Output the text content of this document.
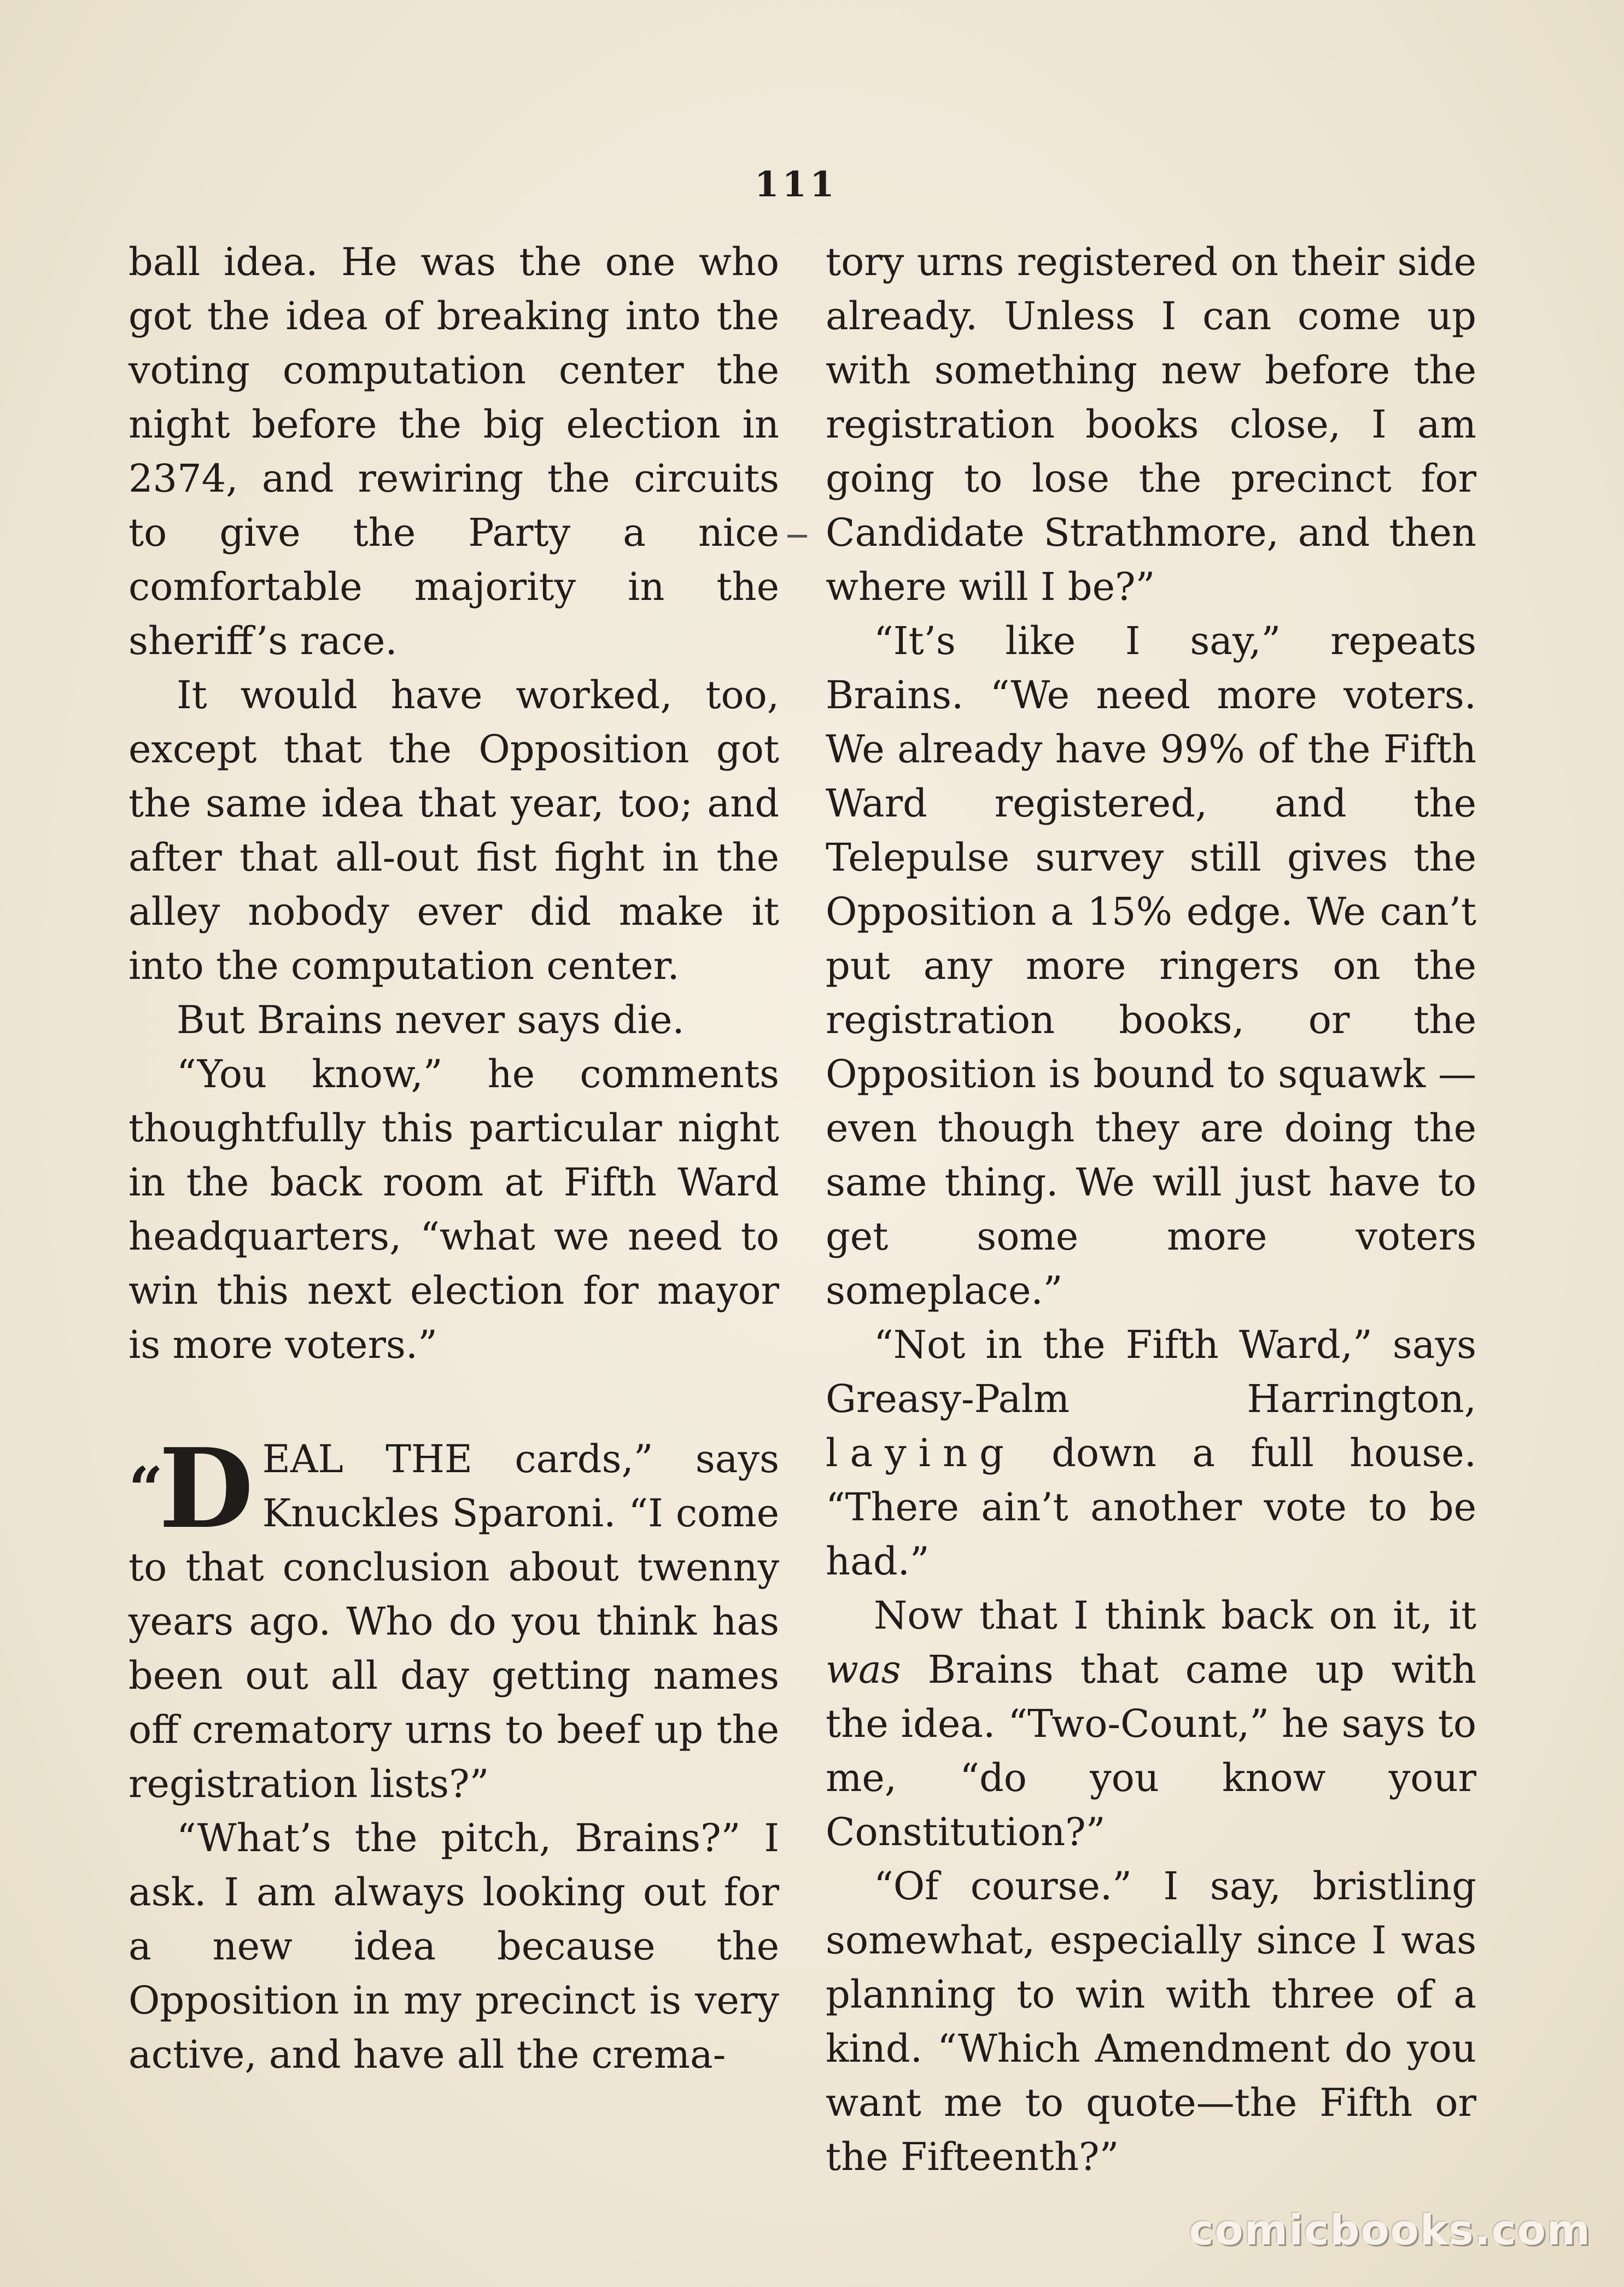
111

ball idea. He was the one who got the idea of breaking into the voting computation center the night before the big election in 2374, and rewiring the circuits to give the Party a nice comfortable majority in the sheriff’s race.

It would have worked, too, except that the Opposition got the same idea that year, too; and after that all-out fist fight in the alley nobody ever did make it into the computation center.

But Brains never says die.

“You know,” he comments thoughtfully this particular night in the back room at Fifth Ward headquarters, “what we need to win this next election for mayor is more voters.”

“D EAL THE cards,” says Knuckles Sparoni. “I come to that conclusion about twenny years ago. Who do you think has been out all day getting names off crematory urns to beef up the registration lists?”

“What’s the pitch, Brains?” I ask. I am always looking out for a new idea because the Opposition in my precinct is very active, and have all the crema-

tory urns registered on their side already. Unless I can come up with something new before the registration books close, I am going to lose the precinct for Candidate Strathmore, and then where will I be?”

“It’s like I say,” repeats Brains. “We need more voters. We already have 99% of the Fifth Ward registered, and the Telepulse survey still gives the Opposition a 15% edge. We can’t put any more ringers on the registration books, or the Opposition is bound to squawk —even though they are doing the same thing. We will just have to get some more voters someplace.”

“Not in the Fifth Ward,” says Greasy-Palm Harrington, laying down a full house. “There ain’t another vote to be had.”

Now that I think back on it, it was Brains that came up with the idea. “Two-Count,” he says to me, “do you know your Constitution?”

“Of course.” I say, bristling somewhat, especially since I was planning to win with three of a kind. “Which Amendment do you want me to quote—the Fifth or the Fifteenth?”

comicbooks.com
